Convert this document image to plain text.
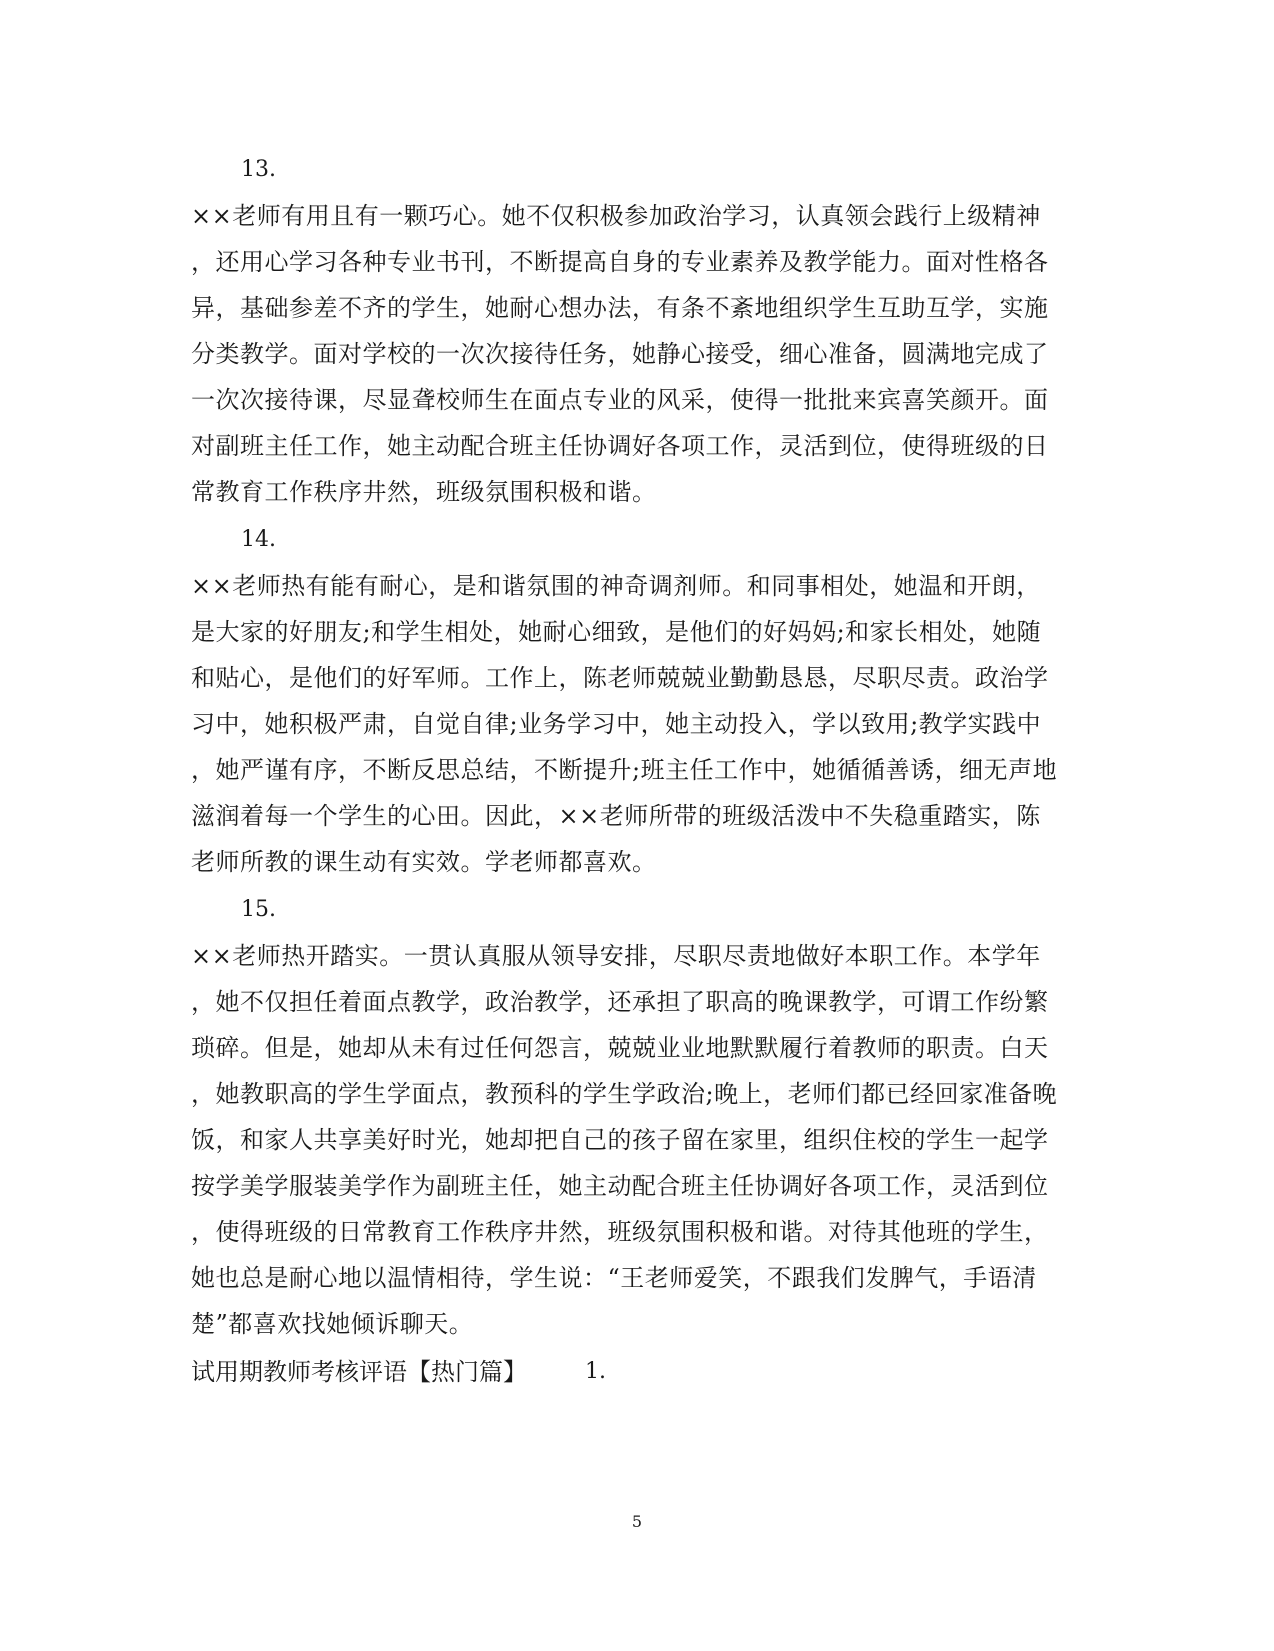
13.
××老师有用且有一颗巧心。她不仅积极参加政治学习，认真领会践行上级精神
，还用心学习各种专业书刊，不断提高自身的专业素养及教学能力。面对性格各
异，基础参差不齐的学生，她耐心想办法，有条不紊地组织学生互助互学，实施
分类教学。面对学校的一次次接待任务，她静心接受，细心准备，圆满地完成了
一次次接待课，尽显聋校师生在面点专业的风采，使得一批批来宾喜笑颜开。面
对副班主任工作，她主动配合班主任协调好各项工作，灵活到位，使得班级的日
常教育工作秩序井然，班级氛围积极和谐。
14.
××老师热有能有耐心，是和谐氛围的神奇调剂师。和同事相处，她温和开朗，
是大家的好朋友;和学生相处，她耐心细致，是他们的好妈妈;和家长相处，她随
和贴心，是他们的好军师。工作上，陈老师兢兢业勤勤恳恳，尽职尽责。政治学
习中，她积极严肃，自觉自律;业务学习中，她主动投入，学以致用;教学实践中
，她严谨有序，不断反思总结，不断提升;班主任工作中，她循循善诱，细无声地
滋润着每一个学生的心田。因此，××老师所带的班级活泼中不失稳重踏实，陈
老师所教的课生动有实效。学老师都喜欢。
15.
××老师热开踏实。一贯认真服从领导安排，尽职尽责地做好本职工作。本学年
，她不仅担任着面点教学，政治教学，还承担了职高的晚课教学，可谓工作纷繁
琐碎。但是，她却从未有过任何怨言，兢兢业业地默默履行着教师的职责。白天
，她教职高的学生学面点，教预科的学生学政治;晚上，老师们都已经回家准备晚
饭，和家人共享美好时光，她却把自己的孩子留在家里，组织住校的学生一起学
按学美学服装美学作为副班主任，她主动配合班主任协调好各项工作，灵活到位
，使得班级的日常教育工作秩序井然，班级氛围积极和谐。对待其他班的学生，
她也总是耐心地以温情相待，学生说：“王老师爱笑，不跟我们发脾气，手语清
楚”都喜欢找她倾诉聊天。
试用期教师考核评语【热门篇】	1.
5
